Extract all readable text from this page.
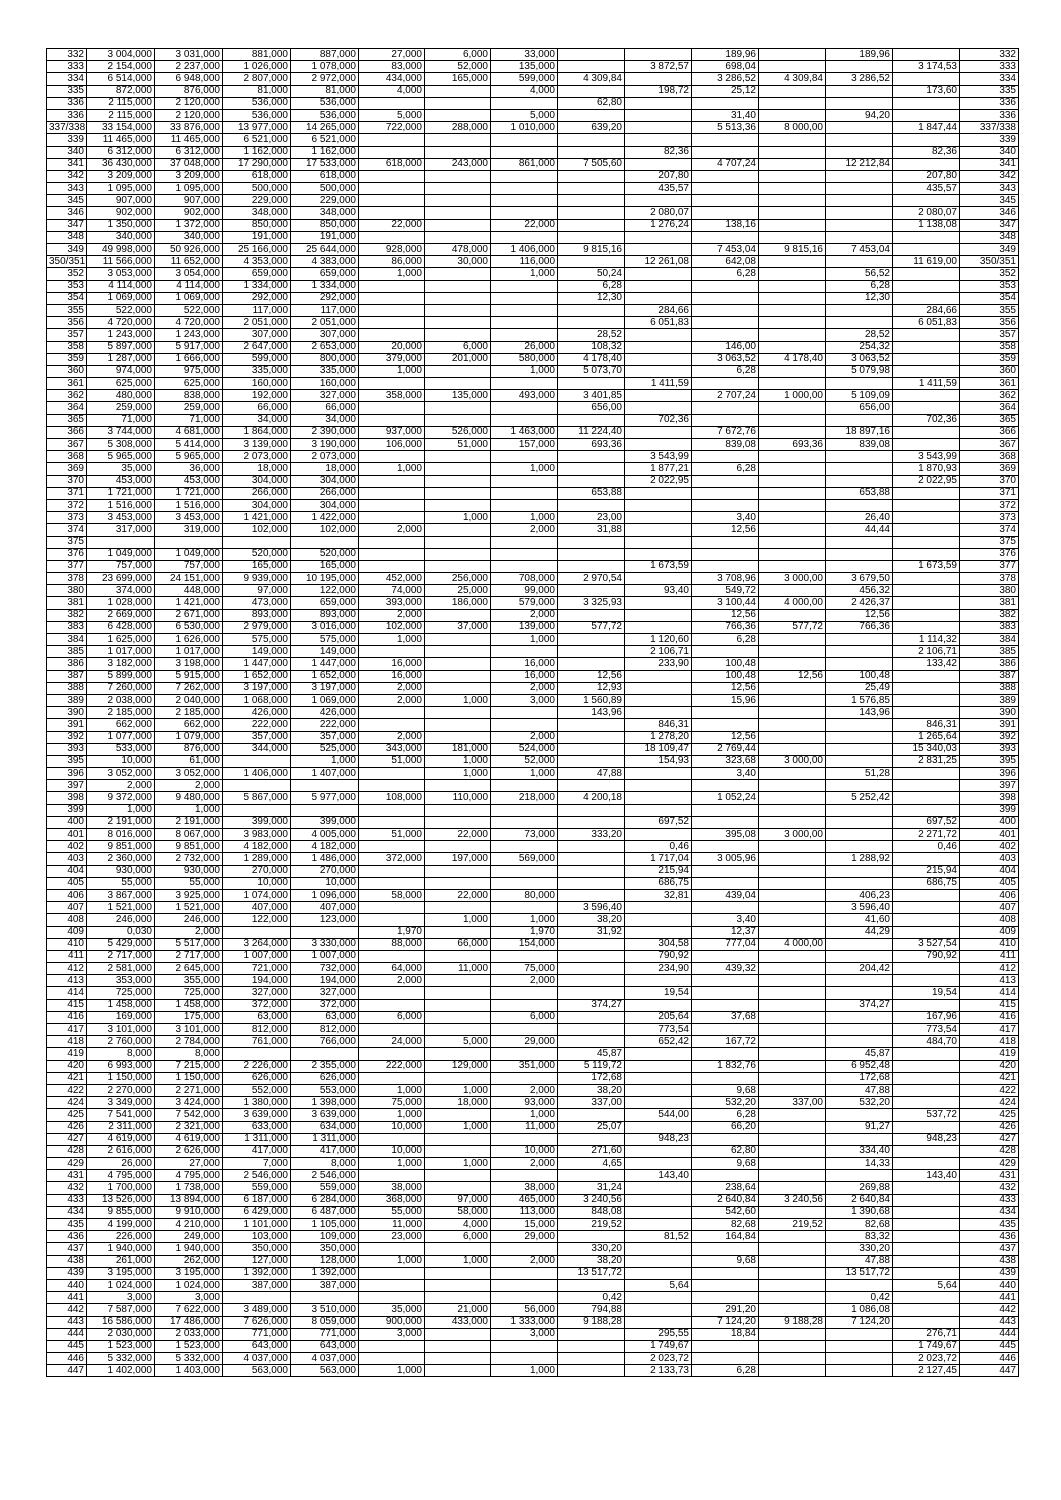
332	3 004,000	3 031,000	881,000	887,000	27,000	6,000	33,000			189,96		189,96		332
333	2 154,000	2 237,000	1 026,000	1 078,000	83,000	52,000	135,000		3 872,57	698,04			3 174,53	333
334	6 514,000	6 948,000	2 807,000	2 972,000	434,000	165,000	599,000	4 309,84		3 286,52	4 309,84	3 286,52		334
335	872,000	876,000	81,000	81,000	4,000		4,000		198,72	25,12			173,60	335
336	2 115,000	2 120,000	536,000	536,000				62,80						336
336	2 115,000	2 120,000	536,000	536,000	5,000		5,000			31,40		94,20		336
337/338	33 154,000	33 876,000	13 977,000	14 265,000	722,000	288,000	1 010,000	639,20		5 513,36	8 000,00		1 847,44	337/338
339	11 465,000	11 465,000	6 521,000	6 521,000										339
340	6 312,000	6 312,000	1 162,000	1 162,000					82,36				82,36	340
341	36 430,000	37 048,000	17 290,000	17 533,000	618,000	243,000	861,000	7 505,60		4 707,24		12 212,84		341
342	3 209,000	3 209,000	618,000	618,000					207,80				207,80	342
343	1 095,000	1 095,000	500,000	500,000					435,57				435,57	343
345	907,000	907,000	229,000	229,000										345
346	902,000	902,000	348,000	348,000					2 080,07				2 080,07	346
347	1 350,000	1 372,000	850,000	850,000	22,000		22,000		1 276,24	138,16			1 138,08	347
348	340,000	340,000	191,000	191,000										348
349	49 998,000	50 926,000	25 166,000	25 644,000	928,000	478,000	1 406,000	9 815,16		7 453,04	9 815,16	7 453,04		349
350/351	11 566,000	11 652,000	4 353,000	4 383,000	86,000	30,000	116,000		12 261,08	642,08			11 619,00	350/351
352	3 053,000	3 054,000	659,000	659,000	1,000		1,000	50,24		6,28		56,52		352
353	4 114,000	4 114,000	1 334,000	1 334,000				6,28				6,28		353
354	1 069,000	1 069,000	292,000	292,000				12,30				12,30		354
355	522,000	522,000	117,000	117,000					284,66				284,66	355
356	4 720,000	4 720,000	2 051,000	2 051,000					6 051,83				6 051,83	356
357	1 243,000	1 243,000	307,000	307,000				28,52				28,52		357
358	5 897,000	5 917,000	2 647,000	2 653,000	20,000	6,000	26,000	108,32		146,00		254,32		358
359	1 287,000	1 666,000	599,000	800,000	379,000	201,000	580,000	4 178,40		3 063,52	4 178,40	3 063,52		359
360	974,000	975,000	335,000	335,000	1,000		1,000	5 073,70		6,28		5 079,98		360
361	625,000	625,000	160,000	160,000					1 411,59				1 411,59	361
362	480,000	838,000	192,000	327,000	358,000	135,000	493,000	3 401,85		2 707,24	1 000,00	5 109,09		362
364	259,000	259,000	66,000	66,000				656,00				656,00		364
365	71,000	71,000	34,000	34,000					702,36				702,36	365
366	3 744,000	4 681,000	1 864,000	2 390,000	937,000	526,000	1 463,000	11 224,40		7 672,76		18 897,16		366
367	5 308,000	5 414,000	3 139,000	3 190,000	106,000	51,000	157,000	693,36		839,08	693,36	839,08		367
368	5 965,000	5 965,000	2 073,000	2 073,000					3 543,99				3 543,99	368
369	35,000	36,000	18,000	18,000	1,000		1,000		1 877,21	6,28			1 870,93	369
370	453,000	453,000	304,000	304,000					2 022,95				2 022,95	370
371	1 721,000	1 721,000	266,000	266,000				653,88				653,88		371
372	1 516,000	1 516,000	304,000	304,000										372
373	3 453,000	3 453,000	1 421,000	1 422,000		1,000	1,000	23,00		3,40		26,40		373
374	317,000	319,000	102,000	102,000	2,000		2,000	31,88		12,56		44,44		374
375														375
376	1 049,000	1 049,000	520,000	520,000										376
377	757,000	757,000	165,000	165,000					1 673,59				1 673,59	377
378	23 699,000	24 151,000	9 939,000	10 195,000	452,000	256,000	708,000	2 970,54		3 708,96	3 000,00	3 679,50		378
380	374,000	448,000	97,000	122,000	74,000	25,000	99,000		93,40	549,72		456,32		380
381	1 028,000	1 421,000	473,000	659,000	393,000	186,000	579,000	3 325,93		3 100,44	4 000,00	2 426,37		381
382	2 669,000	2 671,000	893,000	893,000	2,000		2,000			12,56		12,56		382
383	6 428,000	6 530,000	2 979,000	3 016,000	102,000	37,000	139,000	577,72		766,36	577,72	766,36		383
384	1 625,000	1 626,000	575,000	575,000	1,000		1,000		1 120,60	6,28			1 114,32	384
385	1 017,000	1 017,000	149,000	149,000					2 106,71				2 106,71	385
386	3 182,000	3 198,000	1 447,000	1 447,000	16,000		16,000		233,90	100,48			133,42	386
387	5 899,000	5 915,000	1 652,000	1 652,000	16,000		16,000	12,56		100,48	12,56	100,48		387
388	7 260,000	7 262,000	3 197,000	3 197,000	2,000		2,000	12,93		12,56		25,49		388
389	2 038,000	2 040,000	1 068,000	1 069,000	2,000	1,000	3,000	1 560,89		15,96		1 576,85		389
390	2 185,000	2 185,000	426,000	426,000				143,96				143,96		390
391	662,000	662,000	222,000	222,000					846,31				846,31	391
392	1 077,000	1 079,000	357,000	357,000	2,000		2,000		1 278,20	12,56			1 265,64	392
393	533,000	876,000	344,000	525,000	343,000	181,000	524,000		18 109,47	2 769,44			15 340,03	393
395	10,000	61,000		1,000	51,000	1,000	52,000		154,93	323,68	3 000,00		2 831,25	395
396	3 052,000	3 052,000	1 406,000	1 407,000		1,000	1,000	47,88		3,40		51,28		396
397	2,000	2,000												397
398	9 372,000	9 480,000	5 867,000	5 977,000	108,000	110,000	218,000	4 200,18		1 052,24		5 252,42		398
399	1,000	1,000												399
400	2 191,000	2 191,000	399,000	399,000					697,52				697,52	400
401	8 016,000	8 067,000	3 983,000	4 005,000	51,000	22,000	73,000	333,20		395,08	3 000,00		2 271,72	401
402	9 851,000	9 851,000	4 182,000	4 182,000					0,46				0,46	402
403	2 360,000	2 732,000	1 289,000	1 486,000	372,000	197,000	569,000		1 717,04	3 005,96		1 288,92		403
404	930,000	930,000	270,000	270,000					215,94				215,94	404
405	55,000	55,000	10,000	10,000					686,75				686,75	405
406	3 867,000	3 925,000	1 074,000	1 096,000	58,000	22,000	80,000		32,81	439,04		406,23		406
407	1 521,000	1 521,000	407,000	407,000				3 596,40				3 596,40		407
408	246,000	246,000	122,000	123,000		1,000	1,000	38,20		3,40		41,60		408
409	0,030	2,000			1,970		1,970	31,92		12,37		44,29		409
410	5 429,000	5 517,000	3 264,000	3 330,000	88,000	66,000	154,000		304,58	777,04	4 000,00		3 527,54	410
411	2 717,000	2 717,000	1 007,000	1 007,000					790,92				790,92	411
412	2 581,000	2 645,000	721,000	732,000	64,000	11,000	75,000		234,90	439,32		204,42		412
413	353,000	355,000	194,000	194,000	2,000		2,000							413
414	725,000	725,000	327,000	327,000					19,54				19,54	414
415	1 458,000	1 458,000	372,000	372,000				374,27				374,27		415
416	169,000	175,000	63,000	63,000	6,000		6,000		205,64	37,68			167,96	416
417	3 101,000	3 101,000	812,000	812,000					773,54				773,54	417
418	2 760,000	2 784,000	761,000	766,000	24,000	5,000	29,000		652,42	167,72			484,70	418
419	8,000	8,000						45,87				45,87		419
420	6 993,000	7 215,000	2 226,000	2 355,000	222,000	129,000	351,000	5 119,72		1 832,76		6 952,48		420
421	1 150,000	1 150,000	626,000	626,000				172,68				172,68		421
422	2 270,000	2 271,000	552,000	553,000	1,000	1,000	2,000	38,20		9,68		47,88		422
424	3 349,000	3 424,000	1 380,000	1 398,000	75,000	18,000	93,000	337,00		532,20	337,00	532,20		424
425	7 541,000	7 542,000	3 639,000	3 639,000	1,000		1,000		544,00	6,28			537,72	425
426	2 311,000	2 321,000	633,000	634,000	10,000	1,000	11,000	25,07		66,20		91,27		426
427	4 619,000	4 619,000	1 311,000	1 311,000					948,23				948,23	427
428	2 616,000	2 626,000	417,000	417,000	10,000		10,000	271,60		62,80		334,40		428
429	26,000	27,000	7,000	8,000	1,000	1,000	2,000	4,65		9,68		14,33		429
431	4 795,000	4 795,000	2 546,000	2 546,000					143,40				143,40	431
432	1 700,000	1 738,000	559,000	559,000	38,000		38,000	31,24		238,64		269,88		432
433	13 526,000	13 894,000	6 187,000	6 284,000	368,000	97,000	465,000	3 240,56		2 640,84	3 240,56	2 640,84		433
434	9 855,000	9 910,000	6 429,000	6 487,000	55,000	58,000	113,000	848,08		542,60		1 390,68		434
435	4 199,000	4 210,000	1 101,000	1 105,000	11,000	4,000	15,000	219,52		82,68	219,52	82,68		435
436	226,000	249,000	103,000	109,000	23,000	6,000	29,000		81,52	164,84		83,32		436
437	1 940,000	1 940,000	350,000	350,000				330,20				330,20		437
438	261,000	262,000	127,000	128,000	1,000	1,000	2,000	38,20		9,68		47,88		438
439	3 195,000	3 195,000	1 392,000	1 392,000				13 517,72				13 517,72		439
440	1 024,000	1 024,000	387,000	387,000					5,64				5,64	440
441	3,000	3,000						0,42				0,42		441
442	7 587,000	7 622,000	3 489,000	3 510,000	35,000	21,000	56,000	794,88		291,20		1 086,08		442
443	16 586,000	17 486,000	7 626,000	8 059,000	900,000	433,000	1 333,000	9 188,28		7 124,20	9 188,28	7 124,20		443
444	2 030,000	2 033,000	771,000	771,000	3,000		3,000		295,55	18,84			276,71	444
445	1 523,000	1 523,000	643,000	643,000					1 749,67				1 749,67	445
446	5 332,000	5 332,000	4 037,000	4 037,000					2 023,72				2 023,72	446
447	1 402,000	1 403,000	563,000	563,000	1,000		1,000		2 133,73	6,28			2 127,45	447
